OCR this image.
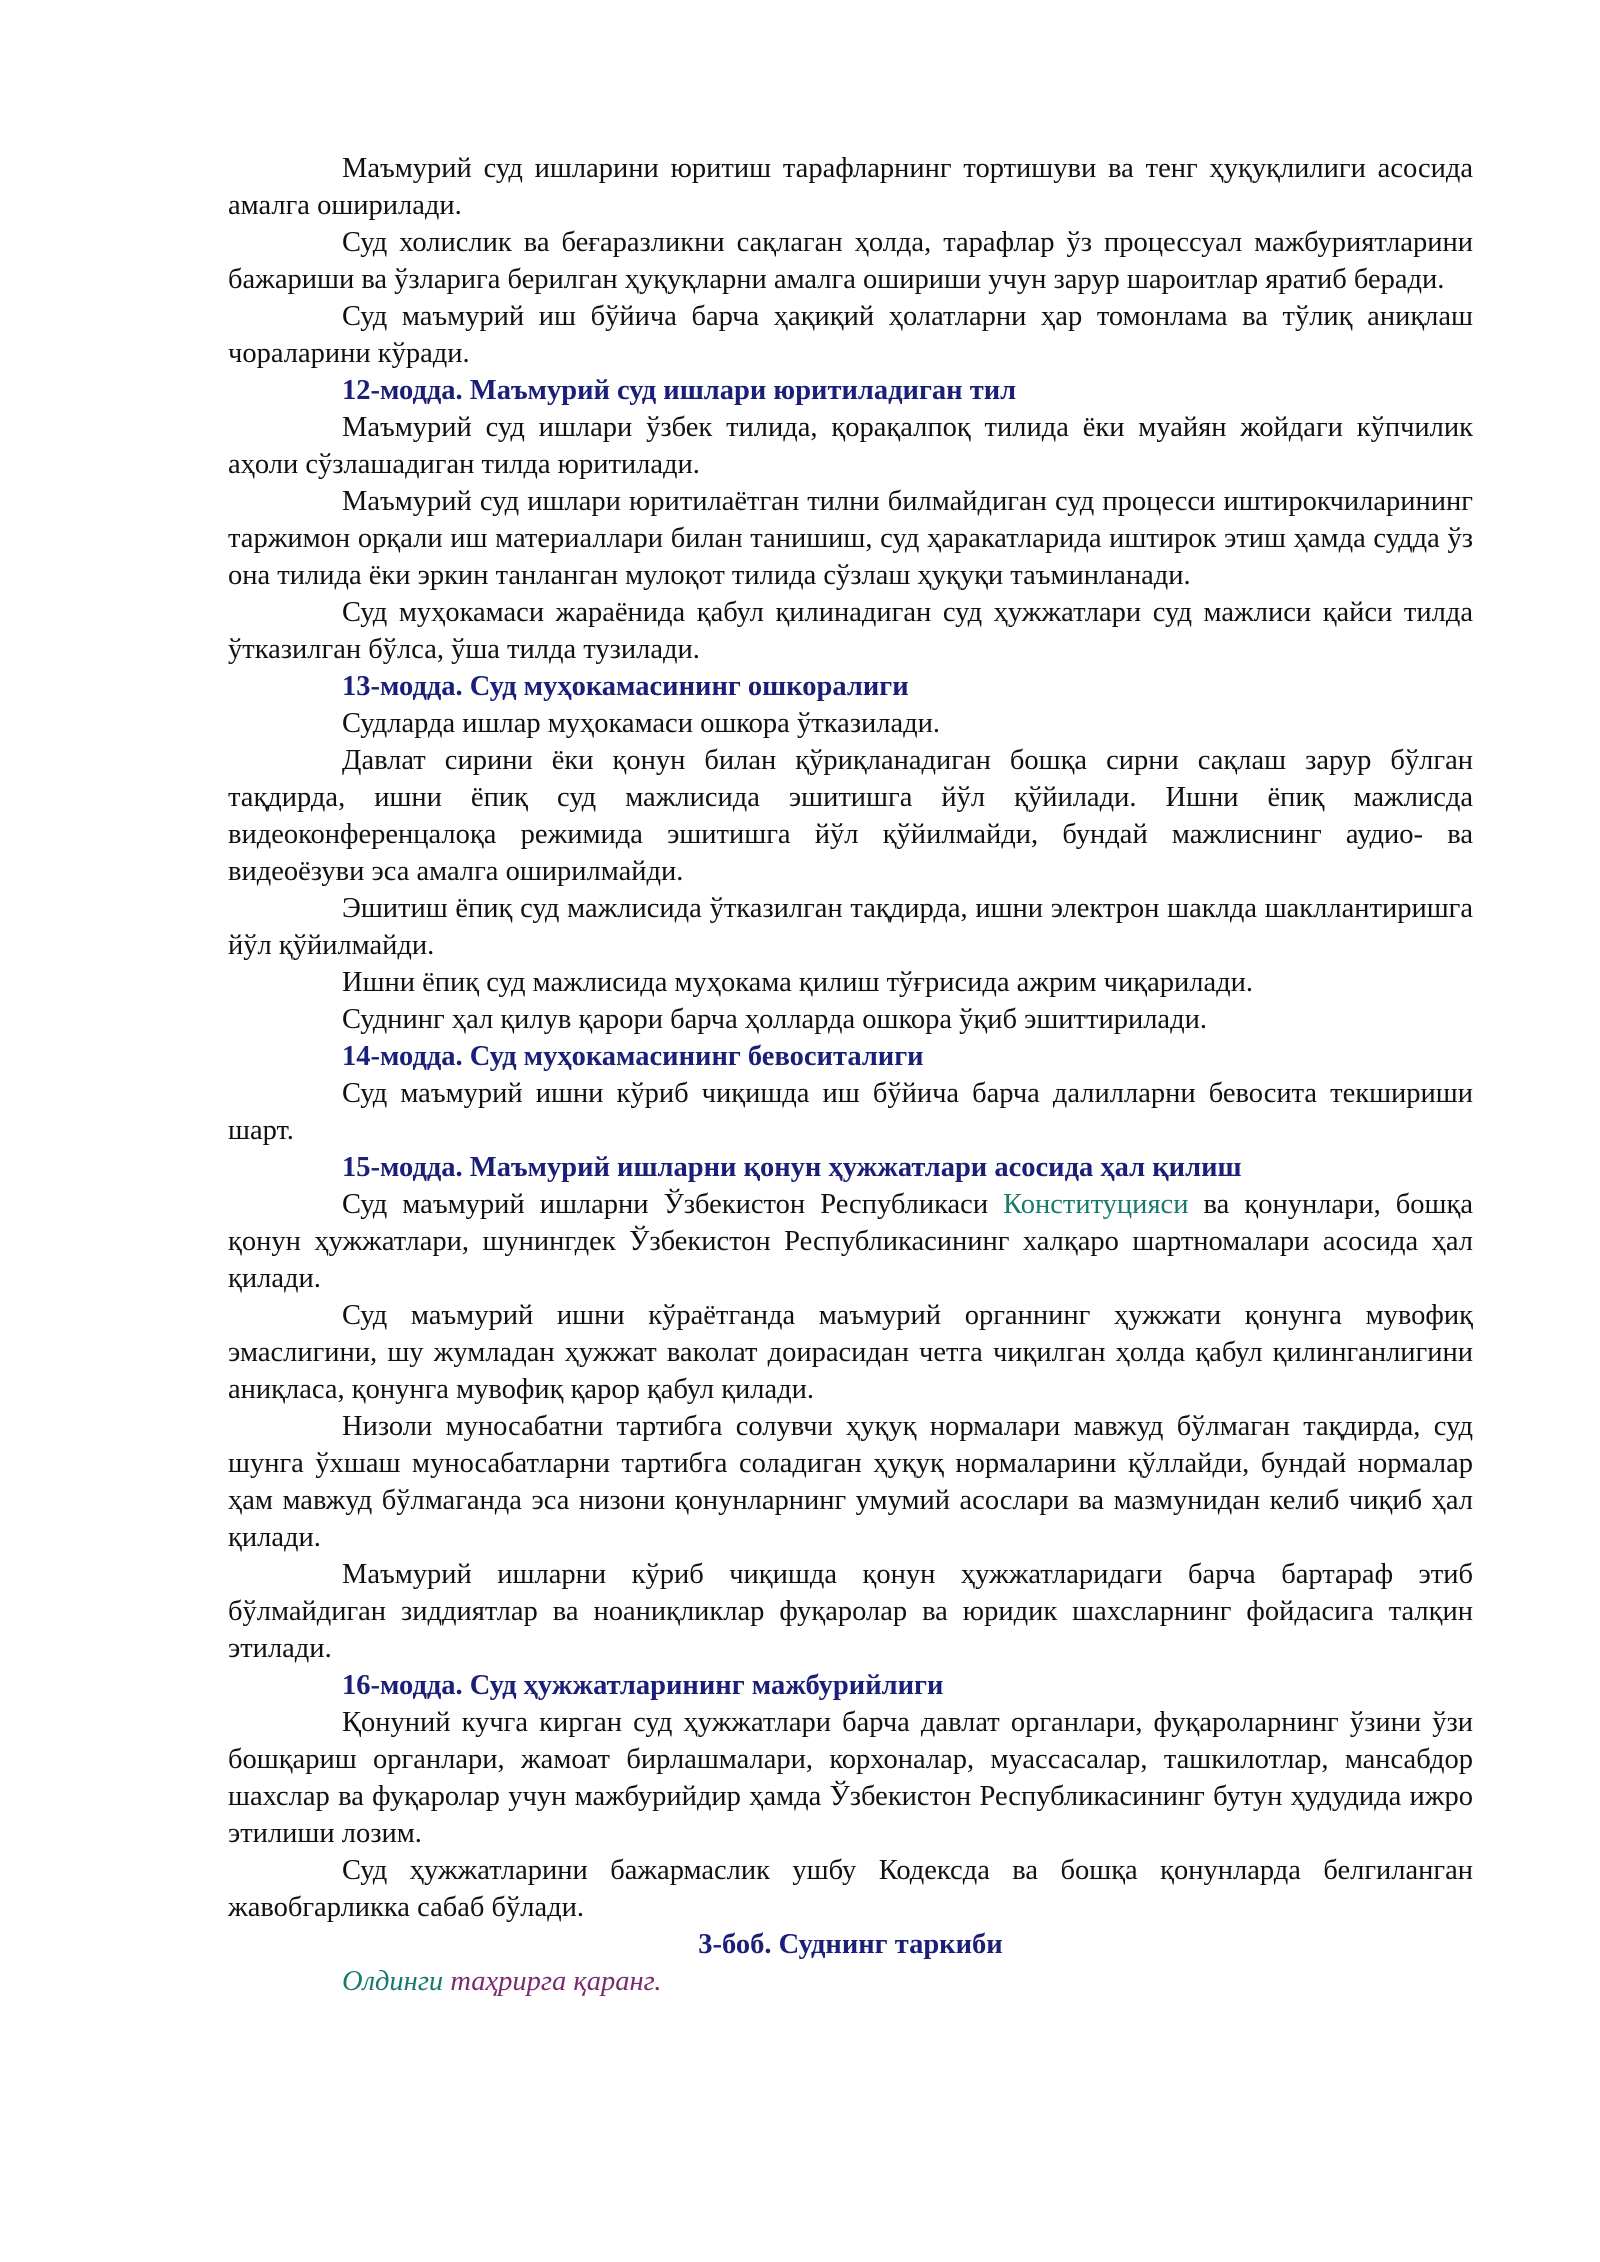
Маъмурий суд ишларини юритиш тарафларнинг тортишуви ва тенг ҳуқуқлилиги асосида амалга оширилади.

Суд холислик ва беғаразликни сақлаган ҳолда, тарафлар ўз процессуал мажбуриятларини бажариши ва ўзларига берилган ҳуқуқларни амалга ошириши учун зарур шароитлар яратиб беради.

Суд маъмурий иш бўйича барча ҳақиқий ҳолатларни ҳар томонлама ва тўлиқ аниқлаш чораларини кўради.

12-модда. Маъмурий суд ишлари юритиладиган тил

Маъмурий суд ишлари ўзбек тилида, қорақалпоқ тилида ёки муайян жойдаги кўпчилик аҳоли сўзлашадиган тилда юритилади.

Маъмурий суд ишлари юритилаётган тилни билмайдиган суд процесси иштирокчиларининг таржимон орқали иш материаллари билан танишиш, суд ҳаракатларида иштирок этиш ҳамда судда ўз она тилида ёки эркин танланган мулоқот тилида сўзлаш ҳуқуқи таъминланади.

Суд муҳокамаси жараёнида қабул қилинадиган суд ҳужжатлари суд мажлиси қайси тилда ўтказилган бўлса, ўша тилда тузилади.

13-модда. Суд муҳокамасининг ошкоралиги

Судларда ишлар муҳокамаси ошкора ўтказилади.

Давлат сирини ёки қонун билан қўриқланадиган бошқа сирни сақлаш зарур бўлган тақдирда, ишни ёпиқ суд мажлисида эшитишга йўл қўйилади. Ишни ёпиқ мажлисда видеоконференцалоқа режимида эшитишга йўл қўйилмайди, бундай мажлиснинг аудио- ва видеоёзуви эса амалга оширилмайди.

Эшитиш ёпиқ суд мажлисида ўтказилган тақдирда, ишни электрон шаклда шакллантиришга йўл қўйилмайди.

Ишни ёпиқ суд мажлисида муҳокама қилиш тўғрисида ажрим чиқарилади.

Суднинг ҳал қилув қарори барча ҳолларда ошкора ўқиб эшиттирилади.

14-модда. Суд муҳокамасининг бевоситалиги

Суд маъмурий ишни кўриб чиқишда иш бўйича барча далилларни бевосита текшириши шарт.

15-модда. Маъмурий ишларни қонун ҳужжатлари асосида ҳал қилиш

Суд маъмурий ишларни Ўзбекистон Республикаси Конституцияси ва қонунлари, бошқа қонун ҳужжатлари, шунингдек Ўзбекистон Республикасининг халқаро шартномалари асосида ҳал қилади.

Суд маъмурий ишни кўраётганда маъмурий органнинг ҳужжати қонунга мувофиқ эмаслигини, шу жумладан ҳужжат ваколат доирасидан четга чиқилган ҳолда қабул қилинганлигини аниқласа, қонунга мувофиқ қарор қабул қилади.

Низоли муносабатни тартибга солувчи ҳуқуқ нормалари мавжуд бўлмаган тақдирда, суд шунга ўхшаш муносабатларни тартибга соладиган ҳуқуқ нормаларини қўллайди, бундай нормалар ҳам мавжуд бўлмаганда эса низони қонунларнинг умумий асослари ва мазмунидан келиб чиқиб ҳал қилади.

Маъмурий ишларни кўриб чиқишда қонун ҳужжатларидаги барча бартараф этиб бўлмайдиган зиддиятлар ва ноаниқликлар фуқаролар ва юридик шахсларнинг фойдасига талқин этилади.

16-модда. Суд ҳужжатларининг мажбурийлиги

Қонуний кучга кирган суд ҳужжатлари барча давлат органлари, фуқароларнинг ўзини ўзи бошқариш органлари, жамоат бирлашмалари, корхоналар, муассасалар, ташкилотлар, мансабдор шахслар ва фуқаролар учун мажбурийдир ҳамда Ўзбекистон Республикасининг бутун ҳудудида ижро этилиши лозим.

Суд ҳужжатларини бажармаслик ушбу Кодексда ва бошқа қонунларда белгиланган жавобгарликка сабаб бўлади.

3-боб. Суднинг таркиби

Олдинги таҳрирга қаранг.
